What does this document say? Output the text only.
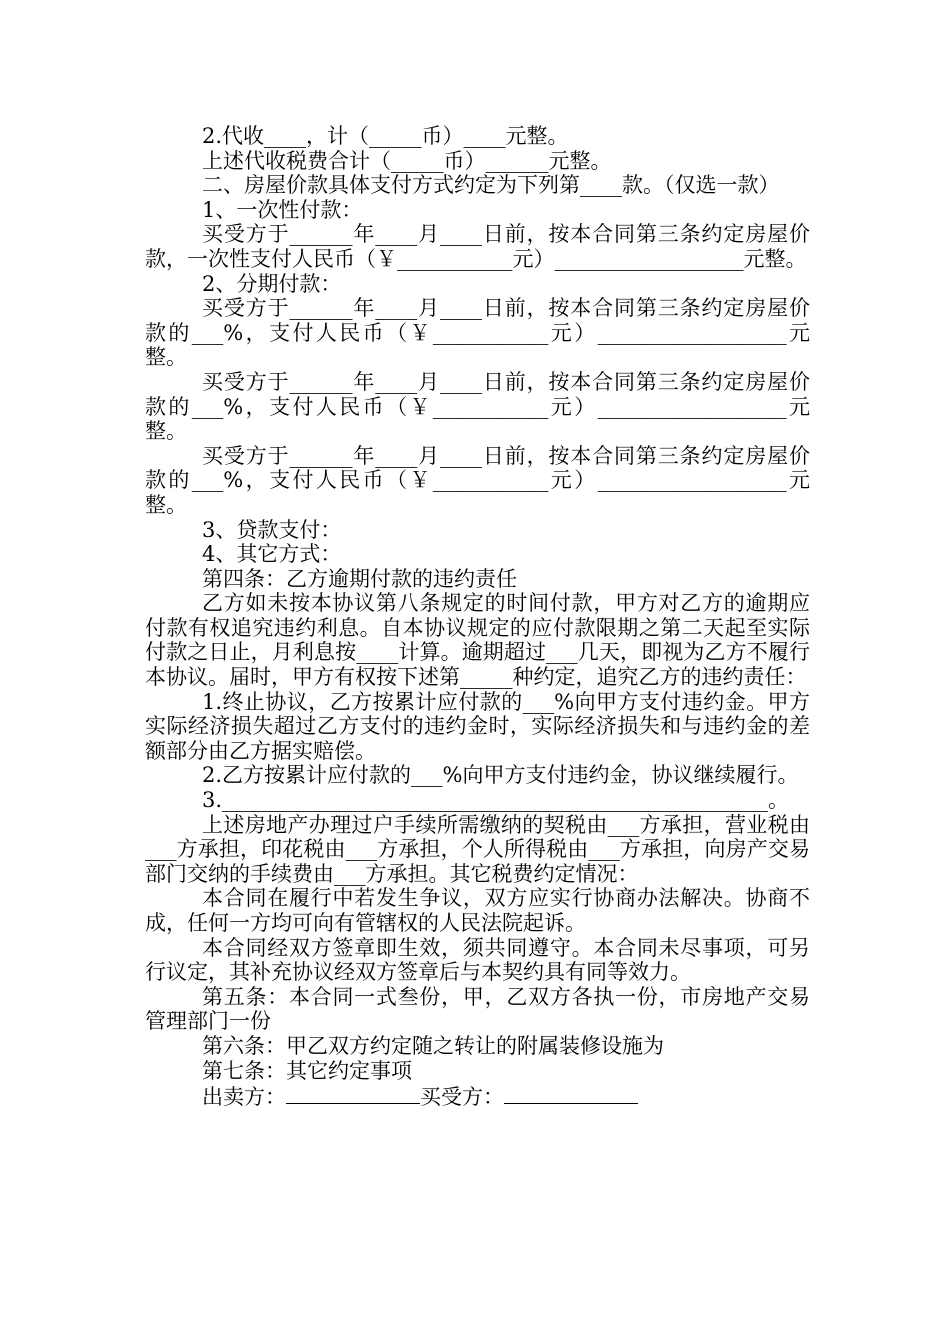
2.代收____，计（_____币）____元整。

上述代收税费合计（_____币）______元整。

二、房屋价款具体支付方式约定为下列第____款。（仅选一款）

1、一次性付款：

买受方于______年____月____日前，按本合同第三条约定房屋价款，一次性支付人民币（￥___________元）__________________元整。

2、分期付款：

买受方于______年____月____日前，按本合同第三条约定房屋价款的___%，支付人民币（￥___________元）__________________元整。

买受方于______年____月____日前，按本合同第三条约定房屋价款的___%，支付人民币（￥___________元）__________________元整。

买受方于______年____月____日前，按本合同第三条约定房屋价款的___%，支付人民币（￥___________元）__________________元整。

3、贷款支付：

4、其它方式：

第四条：乙方逾期付款的违约责任

乙方如未按本协议第八条规定的时间付款，甲方对乙方的逾期应付款有权追究违约利息。自本协议规定的应付款限期之第二天起至实际付款之日止，月利息按____计算。逾期超过___几天，即视为乙方不履行本协议。届时，甲方有权按下述第_____种约定，追究乙方的违约责任：

1.终止协议，乙方按累计应付款的___%向甲方支付违约金。甲方实际经济损失超过乙方支付的违约金时，实际经济损失和与违约金的差额部分由乙方据实赔偿。

2.乙方按累计应付款的___%向甲方支付违约金，协议继续履行。

3.____________________________________________________。

上述房地产办理过户手续所需缴纳的契税由___方承担，营业税由___方承担，印花税由___方承担，个人所得税由___方承担，向房产交易部门交纳的手续费由___方承担。其它税费约定情况：

本合同在履行中若发生争议，双方应实行协商办法解决。协商不成，任何一方均可向有管辖权的人民法院起诉。

本合同经双方签章即生效，须共同遵守。本合同未尽事项，可另行议定，其补充协议经双方签章后与本契约具有同等效力。

第五条：本合同一式叁份，甲，乙双方各执一份，市房地产交易管理部门一份

第六条：甲乙双方约定随之转让的附属装修设施为

第七条：其它约定事项

出卖方：	买受方：
